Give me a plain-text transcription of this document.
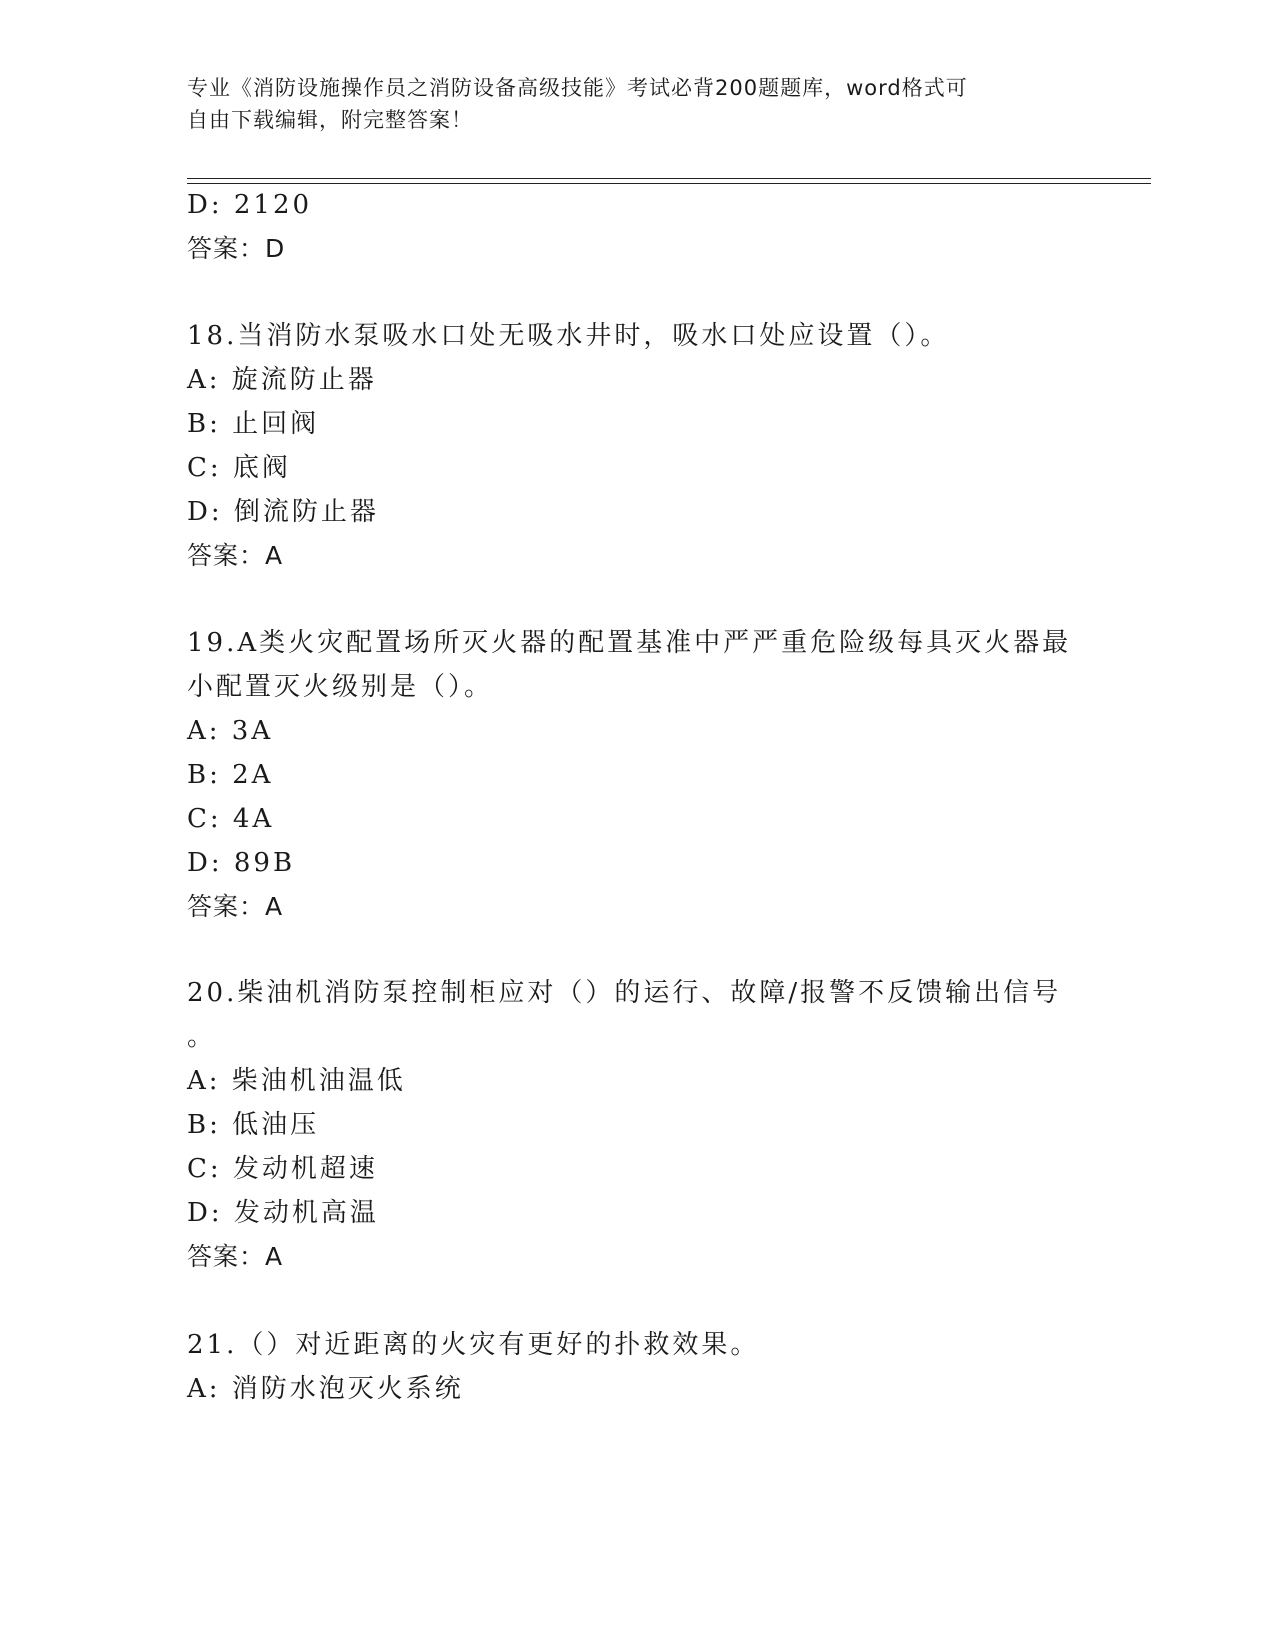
专业《消防设施操作员之消防设备高级技能》考试必背200题题库，word格式可
自由下载编辑，附完整答案！
D: 2120
答案：D
18.当消防水泵吸水口处无吸水井时，吸水口处应设置（）。
A: 旋流防止器
B: 止回阀
C: 底阀
D: 倒流防止器
答案：A
19.A类火灾配置场所灭火器的配置基准中严严重危险级每具灭火器最
小配置灭火级别是（）。
A: 3A
B: 2A
C: 4A
D: 89B
答案：A
20.柴油机消防泵控制柜应对（）的运行、故障/报警不反馈输出信号
。
A: 柴油机油温低
B: 低油压
C: 发动机超速
D: 发动机高温
答案：A
21.（）对近距离的火灾有更好的扑救效果。
A: 消防水泡灭火系统
